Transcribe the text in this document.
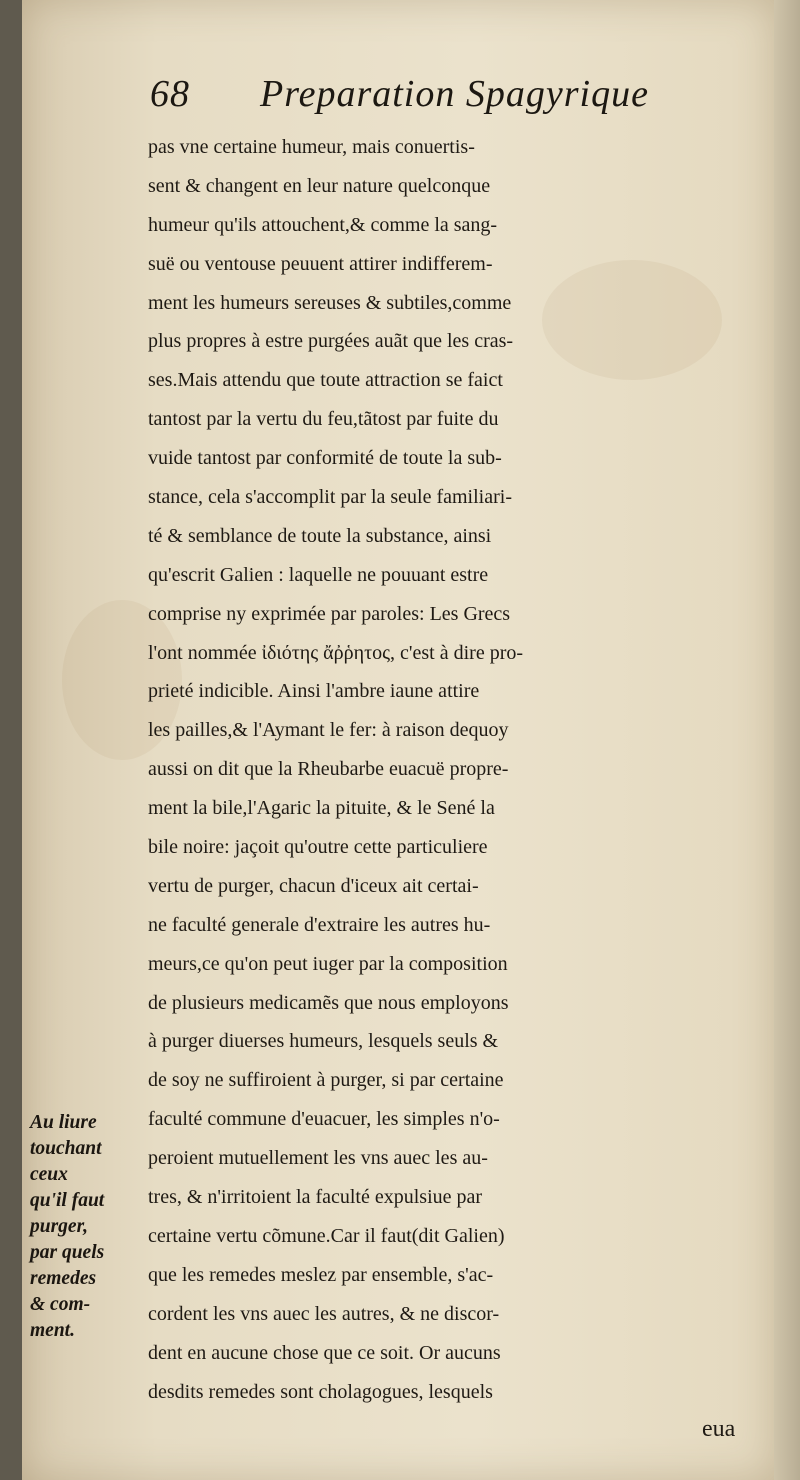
68 Preparation Spagyrique
pas vne certaine humeur, mais conuertis-
sent & changent en leur nature quelconque
humeur qu'ils attouchent,& comme la sang-
suë ou ventouse peuuent attirer indifferem-
ment les humeurs sereuses & subtiles,comme
plus propres à estre purgées auãt que les cras-
ses.Mais attendu que toute attraction se faict
tantost par la vertu du feu,tãtost par fuite du
vuide tantost par conformité de toute la sub-
stance, cela s'accomplit par la seule familiari-
té & semblance de toute la substance, ainsi
qu'escrit Galien : laquelle ne pouuant estre
comprise ny exprimée par paroles: Les Grecs
l'ont nommée ἰδιότης ἄῤῥητος, c'est à dire pro-
prieté indicible. Ainsi l'ambre iaune attire
les pailles,& l'Aymant le fer: à raison dequoy
aussi on dit que la Rheubarbe euacuë propre-
ment la bile,l'Agaric la pituite, & le Sené la
bile noire: jaçoit qu'outre cette particuliere
vertu de purger, chacun d'iceux ait certai-
ne faculté generale d'extraire les autres hu-
meurs,ce qu'on peut iuger par la composition
de plusieurs medicamẽs que nous employons
à purger diuerses humeurs, lesquels seuls &
de soy ne suffiroient à purger, si par certaine
faculté commune d'euacuer, les simples n'o-
peroient mutuellement les vns auec les au-
tres, & n'irritoient la faculté expulsiue par
certaine vertu cõmune.Car il faut(dit Galien)
que les remedes meslez par ensemble, s'ac-
cordent les vns auec les autres, & ne discor-
dent en aucune chose que ce soit. Or aucuns
desdits remedes sont cholagogues, lesquels
Au liure
touchant
ceux
qu'il faut
purger,
par quels
remedes
& com-
ment.
eua
